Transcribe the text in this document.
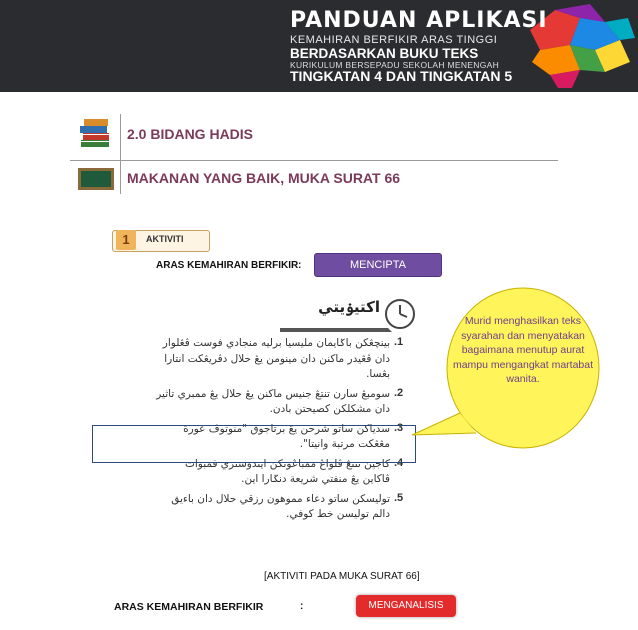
PANDUAN APLIKASI
KEMAHIRAN BERFIKIR ARAS TINGGI
BERDASARKAN BUKU TEKS
KURIKULUM BERSEPADU SEKOLAH MENENGAH
TINGKATAN 4 DAN TINGKATAN 5
2.0 BIDANG HADIS
MAKANAN YANG BAIK, MUKA SURAT 66
1	AKTIVITI
ARAS KEMAHIRAN BERFIKIR :	MENCIPTA
اکتيۏيتي
.1
بينچڠکن باݢايمان مليسيا برليه منجادي فوست ڤڠلوار دان ڤڠيدر ماکنن دان مينومن يڠ حلال دڤريڠکت انتارا بڠسا.
.2
سومبڠ سارن تنتڠ جنيس ماکنن يڠ حلال يڠ ممبري تاثير دان مشکلکن کصيحتن بادن.
.3
سدياکن ساتو شرحن يڠ برتاجوق "منوتوڤ عورة مڠڠکت مرتبة وانيتا".
.4
کاجين تنتڠ ڤلواڠ ممباڠونکن ايندوستري فمبوات ڤاکاين يڠ منفتي شريعة دنݢارا اين.
.5
توليسکن ساتو دعاء مموهون رزقي حلال دان باءيق دالم توليسن خط کوفي.
Murid menghasilkan teks syarahan dan menyatakan bagaimana menutup aurat mampu mengangkat martabat wanita.
[AKTIVITI PADA MUKA SURAT 66]
ARAS KEMAHIRAN BERFIKIR	:	MENGANALISIS
